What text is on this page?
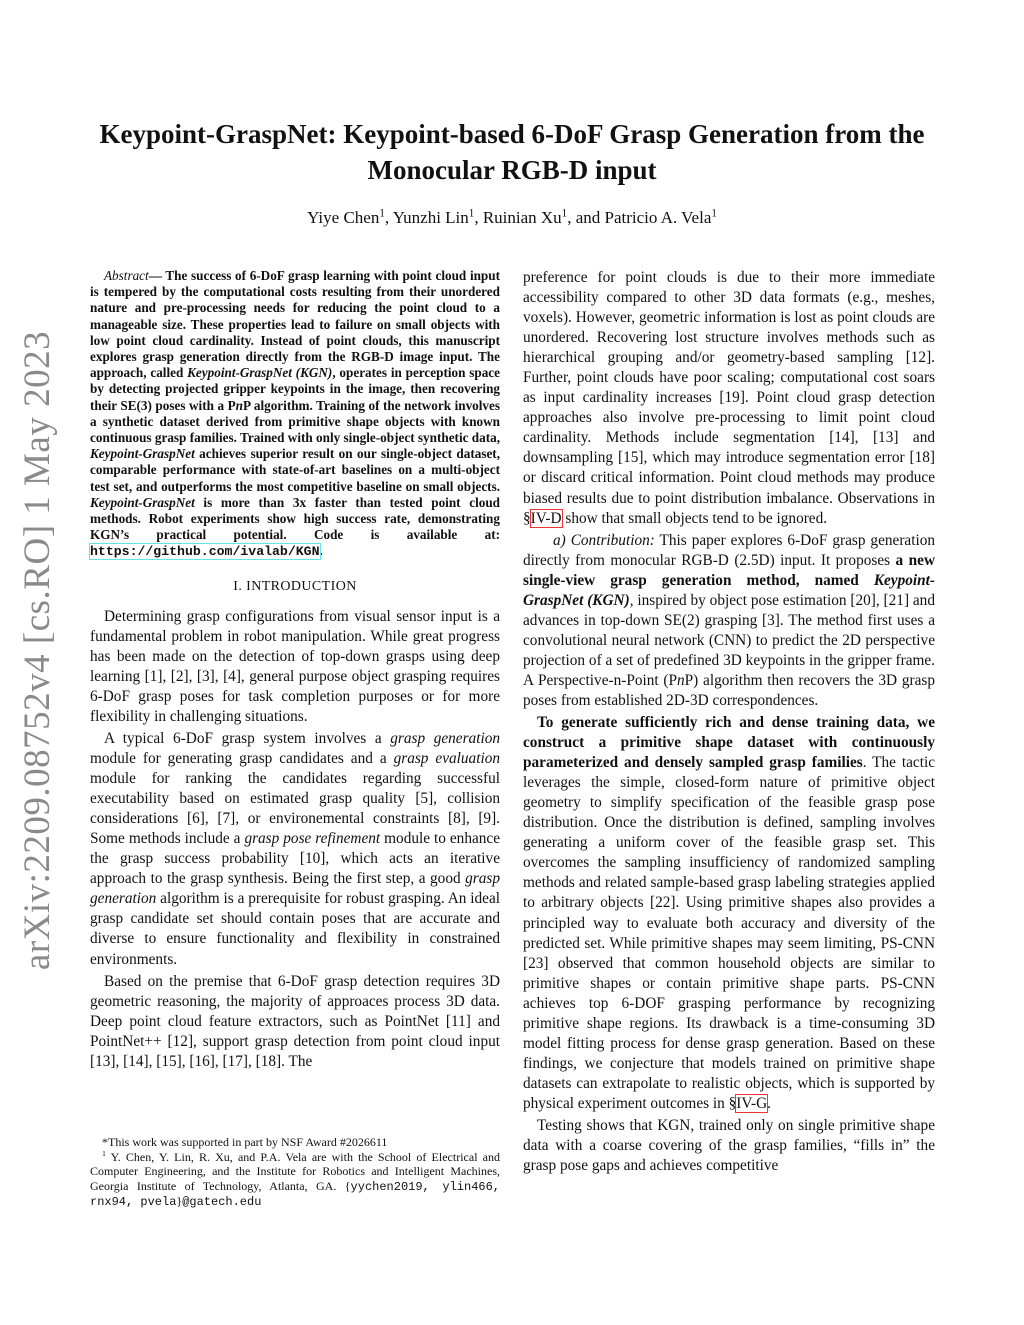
arXiv:2209.08752v4 [cs.RO] 1 May 2023
Keypoint-GraspNet: Keypoint-based 6-DoF Grasp Generation from the
Monocular RGB-D input
Yiye Chen$^1$, Yunzhi Lin$^1$, Ruinian Xu$^1$, and Patricio A. Vela$^1$
Abstract— The success of 6-DoF grasp learning with point cloud input is tempered by the computational costs resulting from their unordered nature and pre-processing needs for reducing the point cloud to a manageable size. These properties lead to failure on small objects with low point cloud cardinality. Instead of point clouds, this manuscript explores grasp generation directly from the RGB-D image input. The approach, called Keypoint-GraspNet (KGN), operates in perception space by detecting projected gripper keypoints in the image, then recovering their SE(3) poses with a PnP algorithm. Training of the network involves a synthetic dataset derived from primitive shape objects with known continuous grasp families. Trained with only single-object synthetic data, Keypoint-GraspNet achieves superior result on our single-object dataset, comparable performance with state-of-art baselines on a multi-object test set, and outperforms the most competitive baseline on small objects. Keypoint-GraspNet is more than 3x faster than tested point cloud methods. Robot experiments show high success rate, demonstrating KGN’s practical potential. Code is available at: https://github.com/ivalab/KGN.
I. INTRODUCTION

Determining grasp configurations from visual sensor input is a fundamental problem in robot manipulation. While great progress has been made on the detection of top-down grasps using deep learning [1], [2], [3], [4], general purpose object grasping requires 6-DoF grasp poses for task completion purposes or for more flexibility in challenging situations.

A typical 6-DoF grasp system involves a grasp generation module for generating grasp candidates and a grasp evaluation module for ranking the candidates regarding successful executability based on estimated grasp quality [5], collision considerations [6], [7], or environemental constraints [8], [9]. Some methods include a grasp pose refinement module to enhance the grasp success probability [10], which acts an iterative approach to the grasp synthesis. Being the first step, a good grasp generation algorithm is a prerequisite for robust grasping. An ideal grasp candidate set should contain poses that are accurate and diverse to ensure functionality and flexibility in constrained environments.

Based on the premise that 6-DoF grasp detection requires 3D geometric reasoning, the majority of approaces process 3D data. Deep point cloud feature extractors, such as PointNet [11] and PointNet++ [12], support grasp detection from point cloud input [13], [14], [15], [16], [17], [18]. The

*This work was supported in part by NSF Award #2026611

$^1$ Y. Chen, Y. Lin, R. Xu, and P.A. Vela are with the School of Electrical and Computer Engineering, and the Institute for Robotics and Intelligent Machines, Georgia Institute of Technology, Atlanta, GA. {yychen2019, ylin466, rnx94, pvela}@gatech.edu

preference for point clouds is due to their more immediate accessibility compared to other 3D data formats (e.g., meshes, voxels). However, geometric information is lost as point clouds are unordered. Recovering lost structure involves methods such as hierarchical grouping and/or geometry-based sampling [12]. Further, point clouds have poor scaling; computational cost soars as input cardinality increases [19]. Point cloud grasp detection approaches also involve pre-processing to limit point cloud cardinality. Methods include segmentation [14], [13] and downsampling [15], which may introduce segmentation error [18] or discard critical information. Point cloud methods may produce biased results due to point distribution imbalance. Observations in §IV-D show that small objects tend to be ignored.

a) Contribution: This paper explores 6-DoF grasp generation directly from monocular RGB-D (2.5D) input. It proposes a new single-view grasp generation method, named Keypoint-GraspNet (KGN), inspired by object pose estimation [20], [21] and advances in top-down SE(2) grasping [3]. The method first uses a convolutional neural network (CNN) to predict the 2D perspective projection of a set of predefined 3D keypoints in the gripper frame. A Perspective-n-Point (PnP) algorithm then recovers the 3D grasp poses from established 2D-3D correspondences.

To generate sufficiently rich and dense training data, we construct a primitive shape dataset with continuously parameterized and densely sampled grasp families. The tactic leverages the simple, closed-form nature of primitive object geometry to simplify specification of the feasible grasp pose distribution. Once the distribution is defined, sampling involves generating a uniform cover of the feasible grasp set. This overcomes the sampling insufficiency of randomized sampling methods and related sample-based grasp labeling strategies applied to arbitrary objects [22]. Using primitive shapes also provides a principled way to evaluate both accuracy and diversity of the predicted set. While primitive shapes may seem limiting, PS-CNN [23] observed that common household objects are similar to primitive shapes or contain primitive shape parts. PS-CNN achieves top 6-DOF grasping performance by recognizing primitive shape regions. Its drawback is a time-consuming 3D model fitting process for dense grasp generation. Based on these findings, we conjecture that models trained on primitive shape datasets can extrapolate to realistic objects, which is supported by physical experiment outcomes in §IV-G.

Testing shows that KGN, trained only on single primitive shape data with a coarse covering of the grasp families, “fills in” the grasp pose gaps and achieves competitive
